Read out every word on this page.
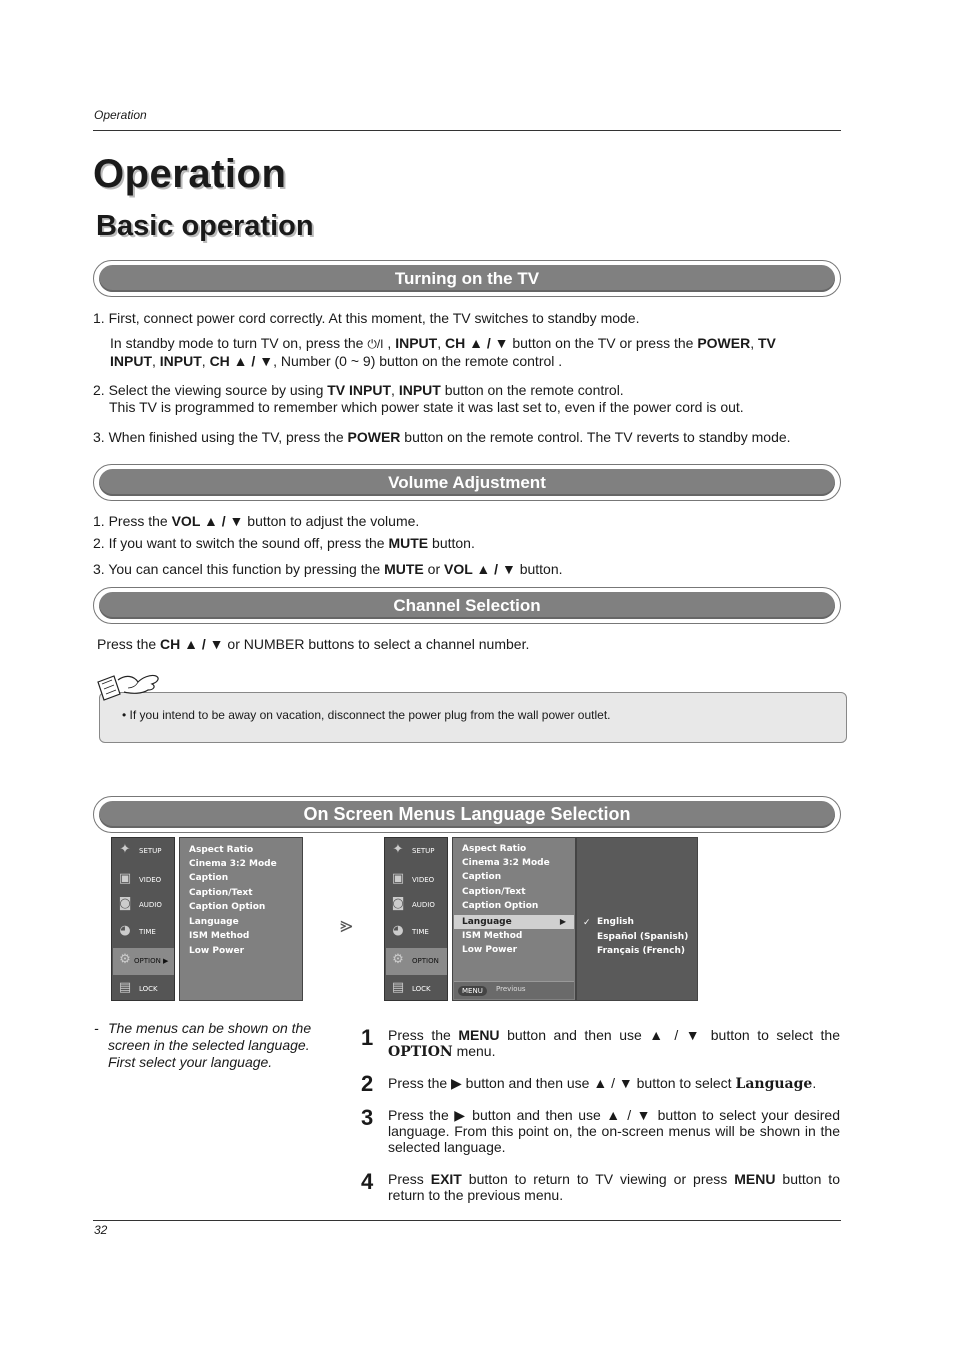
Operation
Operation
Basic operation
Turning on the TV
1. First, connect power cord correctly. At this moment, the TV switches to standby mode.
In standby mode to turn TV on, press the ⏻/I , INPUT, CH ▲ / ▼ button on the TV or press the POWER, TV
INPUT, INPUT, CH ▲ / ▼, Number (0 ~ 9) button on the remote control .
2. Select the viewing source by using TV INPUT, INPUT button on the remote control.
This TV is programmed to remember which power state it was last set to, even if the power cord is out.
3. When finished using the TV, press the POWER button on the remote control. The TV reverts to standby mode.
Volume Adjustment
1. Press the VOL ▲ / ▼ button to adjust the volume.
2. If you want to switch the sound off, press the MUTE button.
3. You can cancel this function by pressing the MUTE or VOL ▲ / ▼ button.
Channel Selection
Press the CH ▲ / ▼ or NUMBER buttons to select a channel number.
• If you intend to be away on vacation, disconnect the power plug from the wall power outlet.
On Screen Menus Language Selection
✦ SETUP
▣ VIDEO
◙ AUDIO
◕ TIME
⚙ OPTION ▶
▤ LOCK
Aspect Ratio
Cinema 3:2 Mode
Caption
Caption/Text
Caption Option
Language
ISM Method
Low Power
⪢
✦ SETUP
▣ VIDEO
◙ AUDIO
◕ TIME
⚙ OPTION
▤ LOCK
Aspect Ratio
Cinema 3:2 Mode
Caption
Caption/Text
Caption Option
Language	▶
ISM Method
Low Power
MENU	Previous
✓ English
Español (Spanish)
Français (French)
- The menus can be shown on the screen in the selected language. First select your language.
1 Press the MENU button and then use ▲ / ▼ button to select the OPTION menu.
2 Press the ▶ button and then use ▲ / ▼ button to select Language.
3 Press the ▶ button and then use ▲ / ▼ button to select your desired language. From this point on, the on-screen menus will be shown in the selected language.
4 Press EXIT button to return to TV viewing or press MENU button to return to the previous menu.
32
